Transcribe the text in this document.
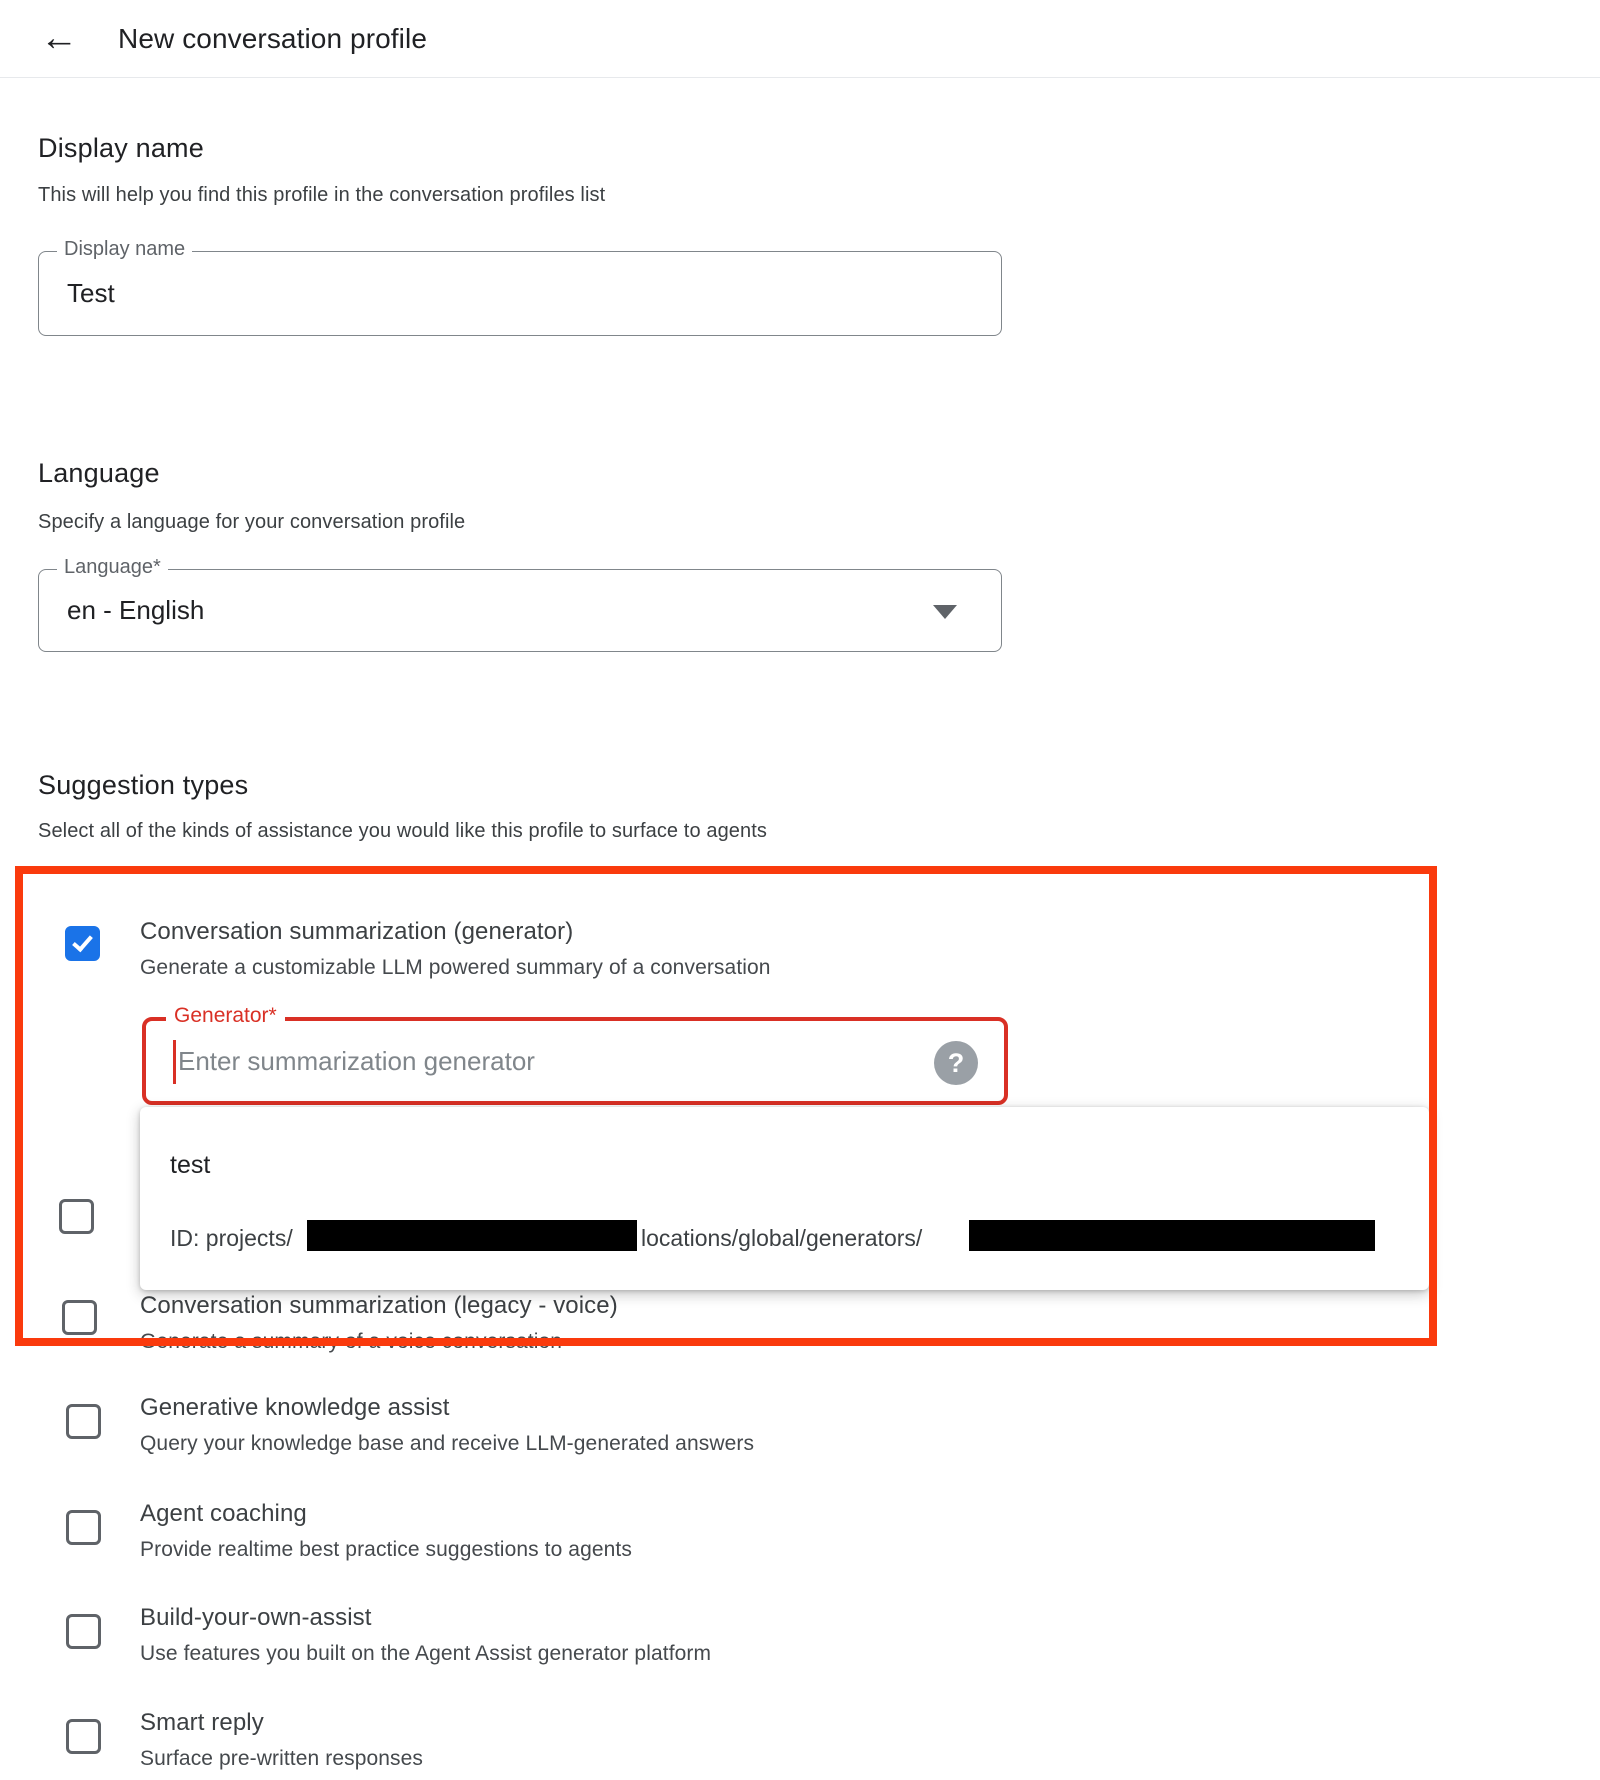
← New conversation profile
Display name
This will help you find this profile in the conversation profiles list
Display name
Test
Language
Specify a language for your conversation profile
Language*
en - English
Suggestion types
Select all of the kinds of assistance you would like this profile to surface to agents
Conversation summarization (generator)
Generate a customizable LLM powered summary of a conversation
Generator*
Enter summarization generator
?
test
ID: projects/	locations/global/generators/
Conversation summarization (legacy - voice)
Generate a summary of a voice conversation
Generative knowledge assist
Query your knowledge base and receive LLM-generated answers
Agent coaching
Provide realtime best practice suggestions to agents
Build-your-own-assist
Use features you built on the Agent Assist generator platform
Smart reply
Surface pre-written responses
